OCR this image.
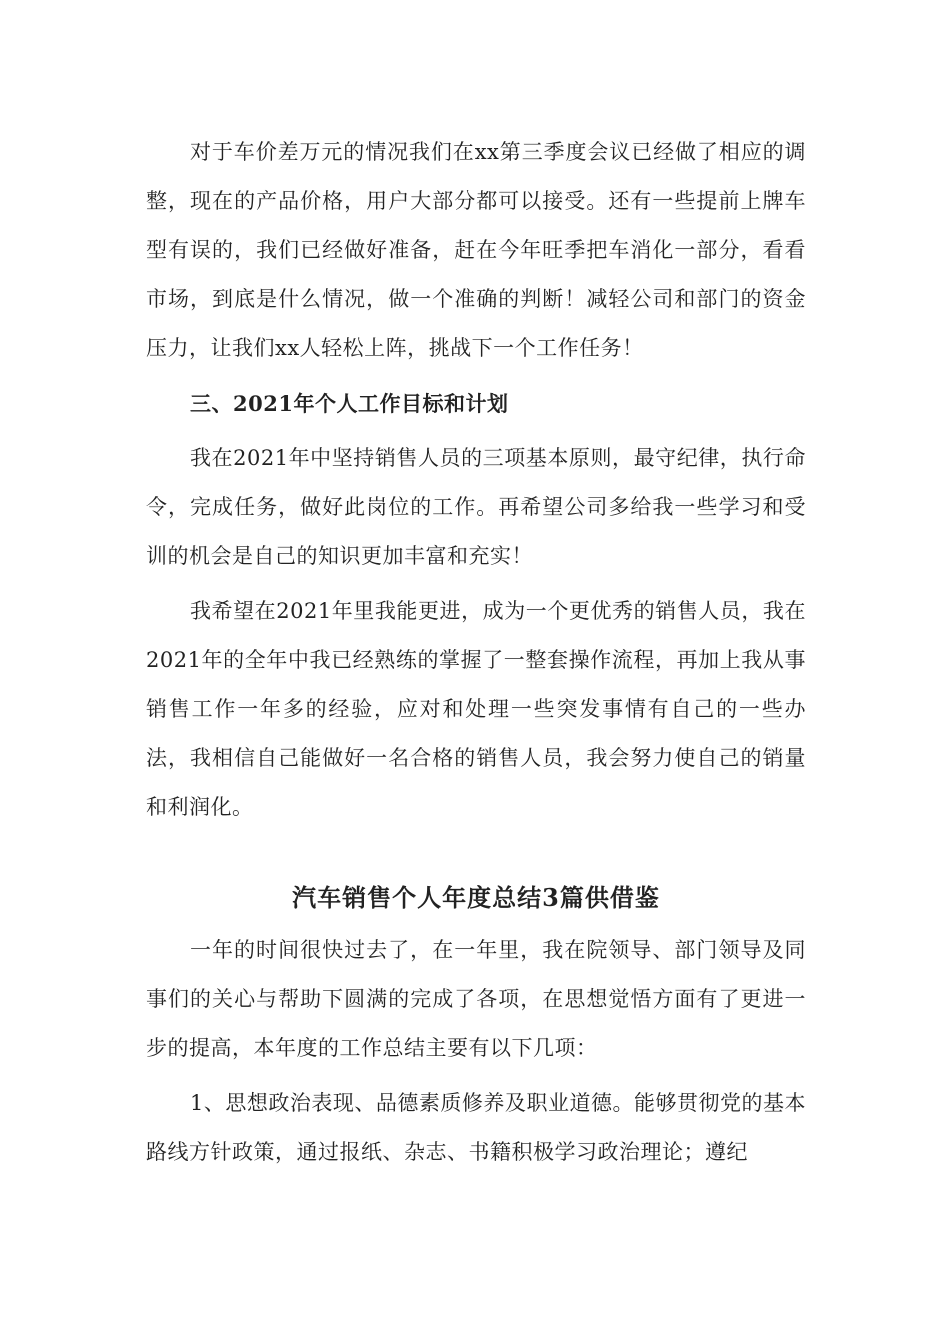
对于车价差万元的情况我们在xx第三季度会议已经做了相应的调整，现在的产品价格，用户大部分都可以接受。还有一些提前上牌车型有误的，我们已经做好准备，赶在今年旺季把车消化一部分，看看市场，到底是什么情况，做一个准确的判断！减轻公司和部门的资金压力，让我们xx人轻松上阵，挑战下一个工作任务！

三、2021年个人工作目标和计划

我在2021年中坚持销售人员的三项基本原则，最守纪律，执行命令，完成任务，做好此岗位的工作。再希望公司多给我一些学习和受训的机会是自己的知识更加丰富和充实！

我希望在2021年里我能更进，成为一个更优秀的销售人员，我在2021年的全年中我已经熟练的掌握了一整套操作流程，再加上我从事销售工作一年多的经验，应对和处理一些突发事情有自己的一些办法，我相信自己能做好一名合格的销售人员，我会努力使自己的销量和利润化。

汽车销售个人年度总结3篇供借鉴

一年的时间很快过去了，在一年里，我在院领导、部门领导及同事们的关心与帮助下圆满的完成了各项，在思想觉悟方面有了更进一步的提高，本年度的工作总结主要有以下几项：

1、思想政治表现、品德素质修养及职业道德。能够贯彻党的基本路线方针政策，通过报纸、杂志、书籍积极学习政治理论；遵纪
